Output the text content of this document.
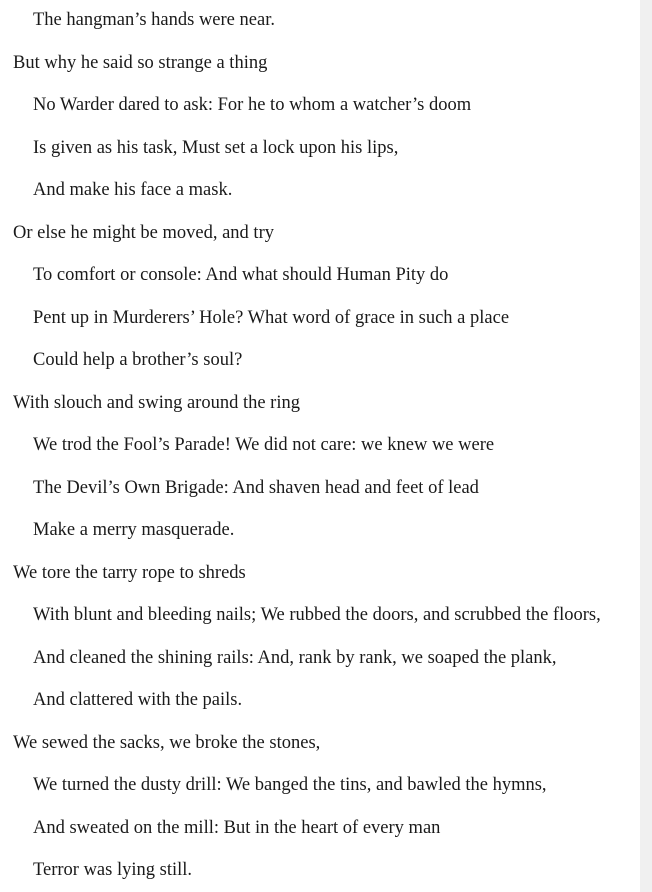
The hangman’s hands were near.
But why he said so strange a thing
No Warder dared to ask: For he to whom a watcher’s doom
Is given as his task, Must set a lock upon his lips,
And make his face a mask.
Or else he might be moved, and try
To comfort or console: And what should Human Pity do
Pent up in Murderers’ Hole? What word of grace in such a place
Could help a brother’s soul?
With slouch and swing around the ring
We trod the Fool’s Parade! We did not care: we knew we were
The Devil’s Own Brigade: And shaven head and feet of lead
Make a merry masquerade.
We tore the tarry rope to shreds
With blunt and bleeding nails; We rubbed the doors, and scrubbed the floors,
And cleaned the shining rails: And, rank by rank, we soaped the plank,
And clattered with the pails.
We sewed the sacks, we broke the stones,
We turned the dusty drill: We banged the tins, and bawled the hymns,
And sweated on the mill: But in the heart of every man
Terror was lying still.
